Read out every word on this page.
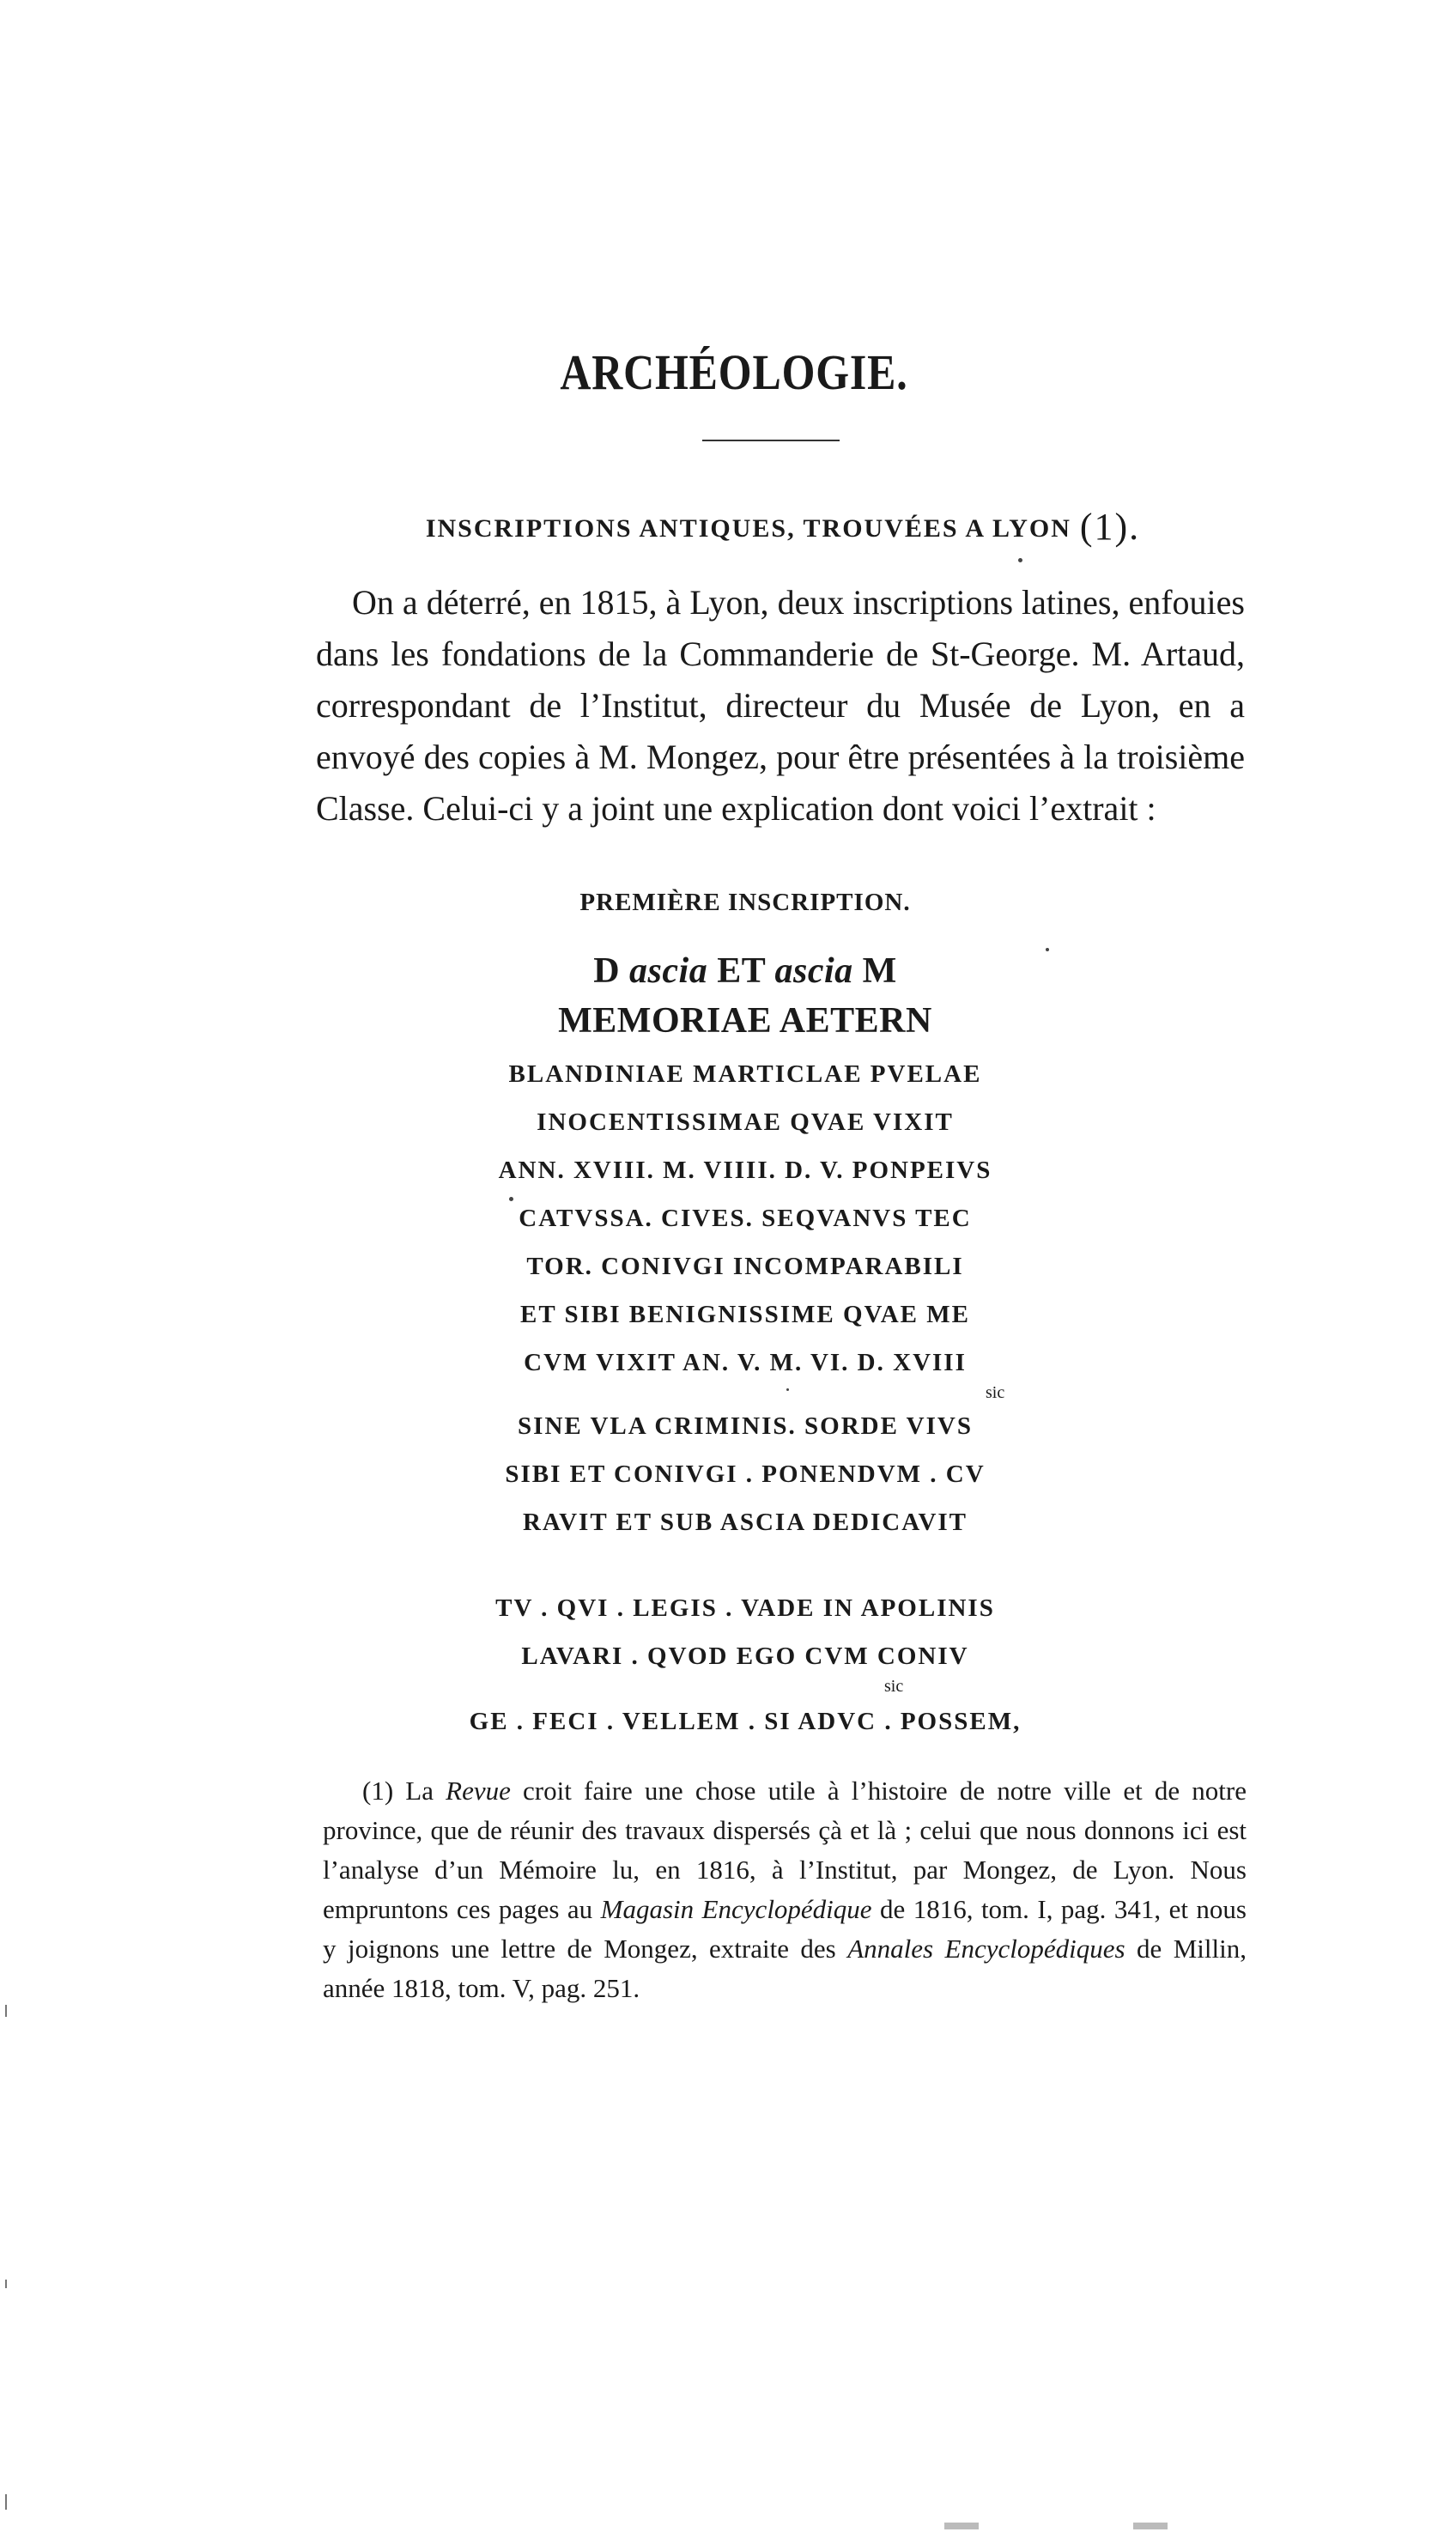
ARCHÉOLOGIE.
INSCRIPTIONS ANTIQUES, TROUVÉES A LYON (1).

On a déterré, en 1815, à Lyon, deux inscriptions latines, enfouies dans les fondations de la Commanderie de St-George. M. Artaud, correspondant de l’Institut, directeur du Musée de Lyon, en a envoyé des copies à M. Mongez, pour être présentées à la troisième Classe. Celui-ci y a joint une explication dont voici l’extrait :

PREMIÈRE INSCRIPTION.
D ascia ET ascia M
MEMORIAE AETERN
BLANDINIAE MARTICLAE PVELAE
INOCENTISSIMAE QVAE VIXIT
ANN. XVIII. M. VIIII. D. V. PONPEIVS
CATVSSA. CIVES. SEQVANVS TEC
TOR. CONIVGI INCOMPARABILI
ET SIBI BENIGNISSIME QVAE ME
CVM VIXIT AN. V. M. VI. D. XVIII
sic
SINE VLA CRIMINIS. SORDE VIVS
SIBI ET CONIVGI . PONENDVM . CV
RAVIT ET SUB ASCIA DEDICAVIT
TV . QVI . LEGIS . VADE IN APOLINIS
LAVARI . QVOD EGO CVM CONIV
sic
GE . FECI . VELLEM . SI ADVC . POSSEM,

(1) La Revue croit faire une chose utile à l’histoire de notre ville et de notre province, que de réunir des travaux dispersés çà et là ; celui que nous donnons ici est l’analyse d’un Mémoire lu, en 1816, à l’Institut, par Mongez, de Lyon. Nous empruntons ces pages au Magasin Encyclopédique de 1816, tom. I, pag. 341, et nous y joignons une lettre de Mongez, extraite des Annales Encyclopédiques de Millin, année 1818, tom. V, pag. 251.
